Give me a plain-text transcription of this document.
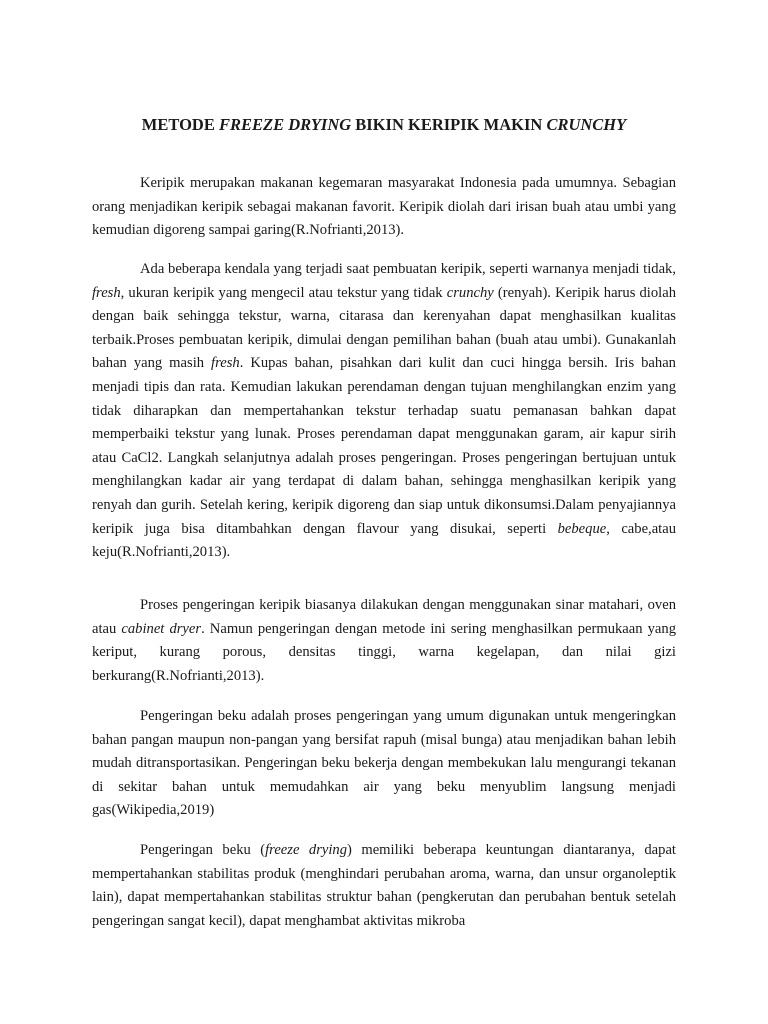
METODE FREEZE DRYING BIKIN KERIPIK MAKIN CRUNCHY

Keripik merupakan makanan kegemaran masyarakat Indonesia pada umumnya. Sebagian orang menjadikan keripik sebagai makanan favorit. Keripik diolah dari irisan buah atau umbi yang kemudian digoreng sampai garing(R.Nofrianti,2013).

Ada beberapa kendala yang terjadi saat pembuatan keripik, seperti warnanya menjadi tidak, fresh, ukuran keripik yang mengecil atau tekstur yang tidak crunchy (renyah). Keripik harus diolah dengan baik sehingga tekstur, warna, citarasa dan kerenyahan dapat menghasilkan kualitas terbaik.Proses pembuatan keripik, dimulai dengan pemilihan bahan (buah atau umbi). Gunakanlah bahan yang masih fresh. Kupas bahan, pisahkan dari kulit dan cuci hingga bersih. Iris bahan menjadi tipis dan rata. Kemudian lakukan perendaman dengan tujuan menghilangkan enzim yang tidak diharapkan dan mempertahankan tekstur terhadap suatu pemanasan bahkan dapat memperbaiki tekstur yang lunak. Proses perendaman dapat menggunakan garam, air kapur sirih atau CaCl2. Langkah selanjutnya adalah proses pengeringan. Proses pengeringan bertujuan untuk menghilangkan kadar air yang terdapat di dalam bahan, sehingga menghasilkan keripik yang renyah dan gurih. Setelah kering, keripik digoreng dan siap untuk dikonsumsi.Dalam penyajiannya keripik juga bisa ditambahkan dengan flavour yang disukai, seperti bebeque, cabe,atau keju(R.Nofrianti,2013).

Proses pengeringan keripik biasanya dilakukan dengan menggunakan sinar matahari, oven atau cabinet dryer. Namun pengeringan dengan metode ini sering menghasilkan permukaan yang keriput, kurang porous, densitas tinggi, warna kegelapan, dan nilai gizi berkurang(R.Nofrianti,2013).

Pengeringan beku adalah proses pengeringan yang umum digunakan untuk mengeringkan bahan pangan maupun non-pangan yang bersifat rapuh (misal bunga) atau menjadikan bahan lebih mudah ditransportasikan. Pengeringan beku bekerja dengan membekukan lalu mengurangi tekanan di sekitar bahan untuk memudahkan air yang beku menyublim langsung menjadi gas(Wikipedia,2019)

Pengeringan beku (freeze drying) memiliki beberapa keuntungan diantaranya, dapat mempertahankan stabilitas produk (menghindari perubahan aroma, warna, dan unsur organoleptik lain), dapat mempertahankan stabilitas struktur bahan (pengkerutan dan perubahan bentuk setelah pengeringan sangat kecil), dapat menghambat aktivitas mikroba
